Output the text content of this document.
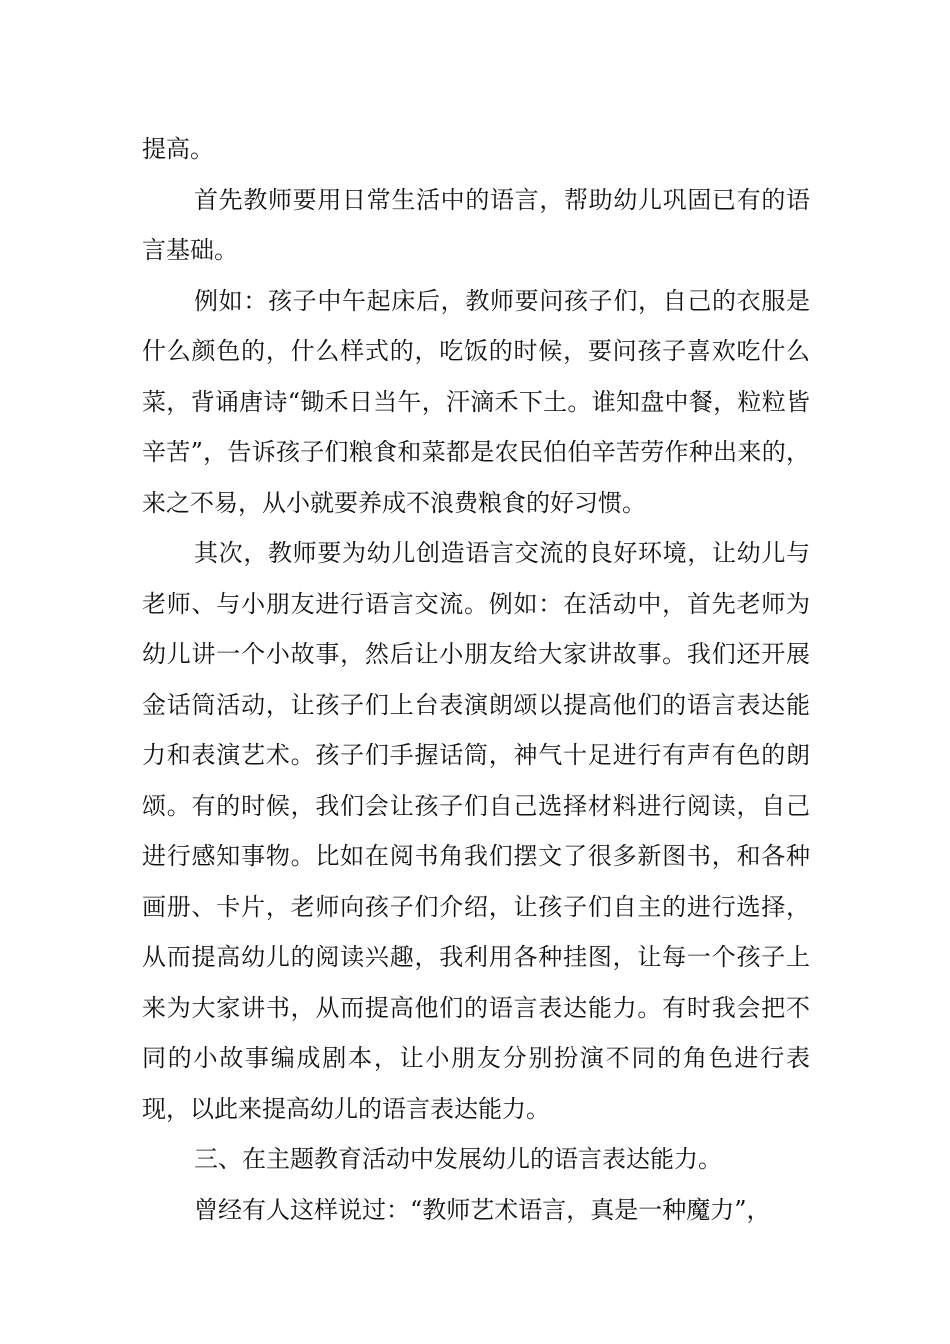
提高。

首先教师要用日常生活中的语言，帮助幼儿巩固已有的语言基础。

例如：孩子中午起床后，教师要问孩子们，自己的衣服是什么颜色的，什么样式的，吃饭的时候，要问孩子喜欢吃什么菜，背诵唐诗“锄禾日当午，汗滴禾下土。谁知盘中餐，粒粒皆辛苦”，告诉孩子们粮食和菜都是农民伯伯辛苦劳作种出来的，来之不易，从小就要养成不浪费粮食的好习惯。

其次，教师要为幼儿创造语言交流的良好环境，让幼儿与老师、与小朋友进行语言交流。例如：在活动中，首先老师为幼儿讲一个小故事，然后让小朋友给大家讲故事。我们还开展金话筒活动，让孩子们上台表演朗颂以提高他们的语言表达能力和表演艺术。孩子们手握话筒，神气十足进行有声有色的朗颂。有的时候，我们会让孩子们自己选择材料进行阅读，自己进行感知事物。比如在阅书角我们摆文了很多新图书，和各种画册、卡片，老师向孩子们介绍，让孩子们自主的进行选择，从而提高幼儿的阅读兴趣，我利用各种挂图，让每一个孩子上来为大家讲书，从而提高他们的语言表达能力。有时我会把不同的小故事编成剧本，让小朋友分别扮演不同的角色进行表现，以此来提高幼儿的语言表达能力。

三、在主题教育活动中发展幼儿的语言表达能力。

曾经有人这样说过：“教师艺术语言，真是一种魔力”，
